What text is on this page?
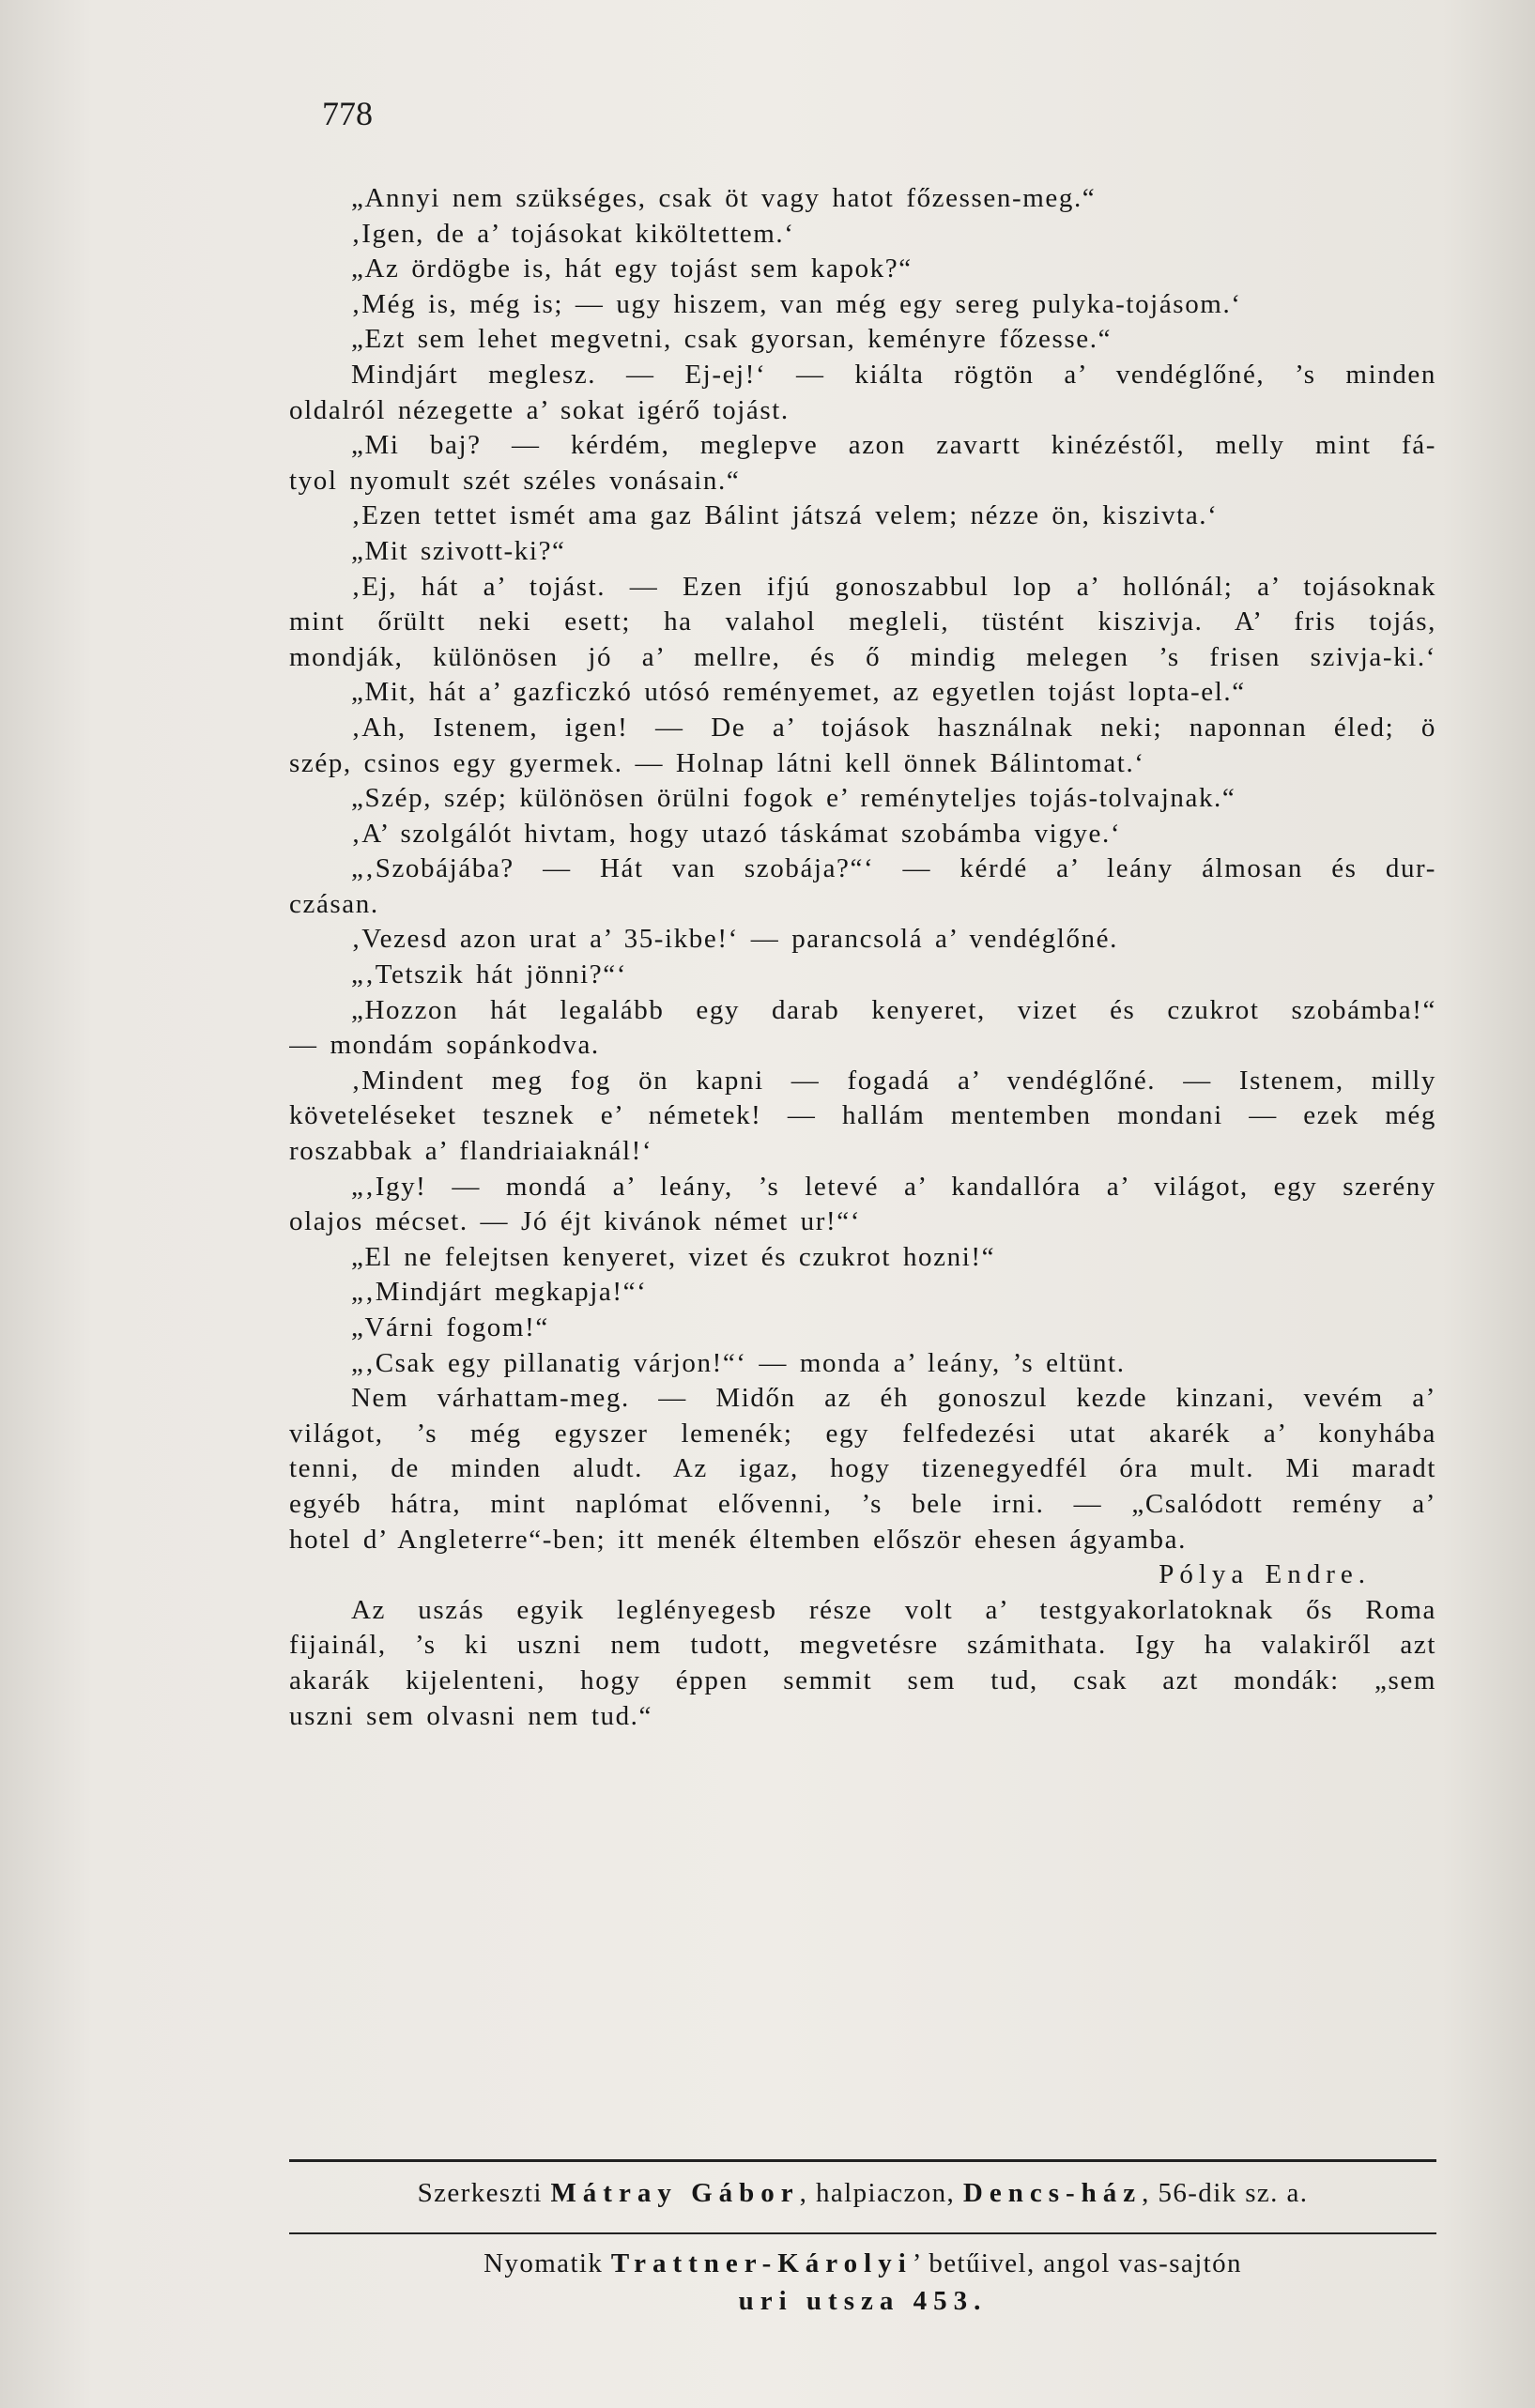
778
„Annyi nem szükséges, csak öt vagy hatot főzessen-meg.“
‚Igen, de a’ tojásokat kiköltettem.‘
„Az ördögbe is, hát egy tojást sem kapok?“
‚Még is, még is; — ugy hiszem, van még egy sereg pulyka-tojásom.‘
„Ezt sem lehet megvetni, csak gyorsan, keményre főzesse.“
Mindjárt meglesz. — Ej-ej!‘ — kiálta rögtön a’ vendéglőné, ’s minden
oldalról nézegette a’ sokat igérő tojást.
„Mi baj? — kérdém, meglepve azon zavartt kinézéstől, melly mint fá-
tyol nyomult szét széles vonásain.“
‚Ezen tettet ismét ama gaz Bálint játszá velem; nézze ön, kiszivta.‘
„Mit szivott-ki?“
‚Ej, hát a’ tojást. — Ezen ifjú gonoszabbul lop a’ hollónál; a’ tojásoknak
mint őrültt neki esett; ha valahol megleli, tüstént kiszivja. A’ fris tojás,
mondják, különösen jó a’ mellre, és ő mindig melegen ’s frisen szivja-ki.‘
„Mit, hát a’ gazficzkó utósó reményemet, az egyetlen tojást lopta-el.“
‚Ah, Istenem, igen! — De a’ tojások használnak neki; naponnan éled; ö
szép, csinos egy gyermek. — Holnap látni kell önnek Bálintomat.‘
„Szép, szép; különösen örülni fogok e’ reményteljes tojás-tolvajnak.“
‚A’ szolgálót hivtam, hogy utazó táskámat szobámba vigye.‘
„‚Szobájába? — Hát van szobája?“‘ — kérdé a’ leány álmosan és dur-
czásan.
‚Vezesd azon urat a’ 35-ikbe!‘ — parancsolá a’ vendéglőné.
„‚Tetszik hát jönni?“‘
„Hozzon hát legalább egy darab kenyeret, vizet és czukrot szobámba!“
— mondám sopánkodva.
‚Mindent meg fog ön kapni — fogadá a’ vendéglőné. — Istenem, milly
követeléseket tesznek e’ németek! — hallám mentemben mondani — ezek még
roszabbak a’ flandriaiaknál!‘
„‚Igy! — mondá a’ leány, ’s letevé a’ kandallóra a’ világot, egy szerény
olajos mécset. — Jó éjt kivánok német ur!“‘
„El ne felejtsen kenyeret, vizet és czukrot hozni!“
„‚Mindjárt megkapja!“‘
„Várni fogom!“
„‚Csak egy pillanatig várjon!“‘ — monda a’ leány, ’s eltünt.
Nem várhattam-meg. — Midőn az éh gonoszul kezde kinzani, vevém a’
világot, ’s még egyszer lemenék; egy felfedezési utat akarék a’ konyhába
tenni, de minden aludt. Az igaz, hogy tizenegyedfél óra mult. Mi maradt
egyéb hátra, mint naplómat elővenni, ’s bele irni. — „Csalódott remény a’
hotel d’ Angleterre“-ben; itt menék éltemben először ehesen ágyamba.
Pólya Endre.
Az uszás egyik leglényegesb része volt a’ testgyakorlatoknak ős Roma
fijainál, ’s ki uszni nem tudott, megvetésre számithata. Igy ha valakiről azt
akarák kijelenteni, hogy éppen semmit sem tud, csak azt mondák: „sem
uszni sem olvasni nem tud.“
Szerkeszti Mátray Gábor, halpiaczon, Dencs-ház, 56-dik sz. a.
Nyomatik Trattner-Károlyi’ betűivel, angol vas-sajtón
uri utsza 453.
